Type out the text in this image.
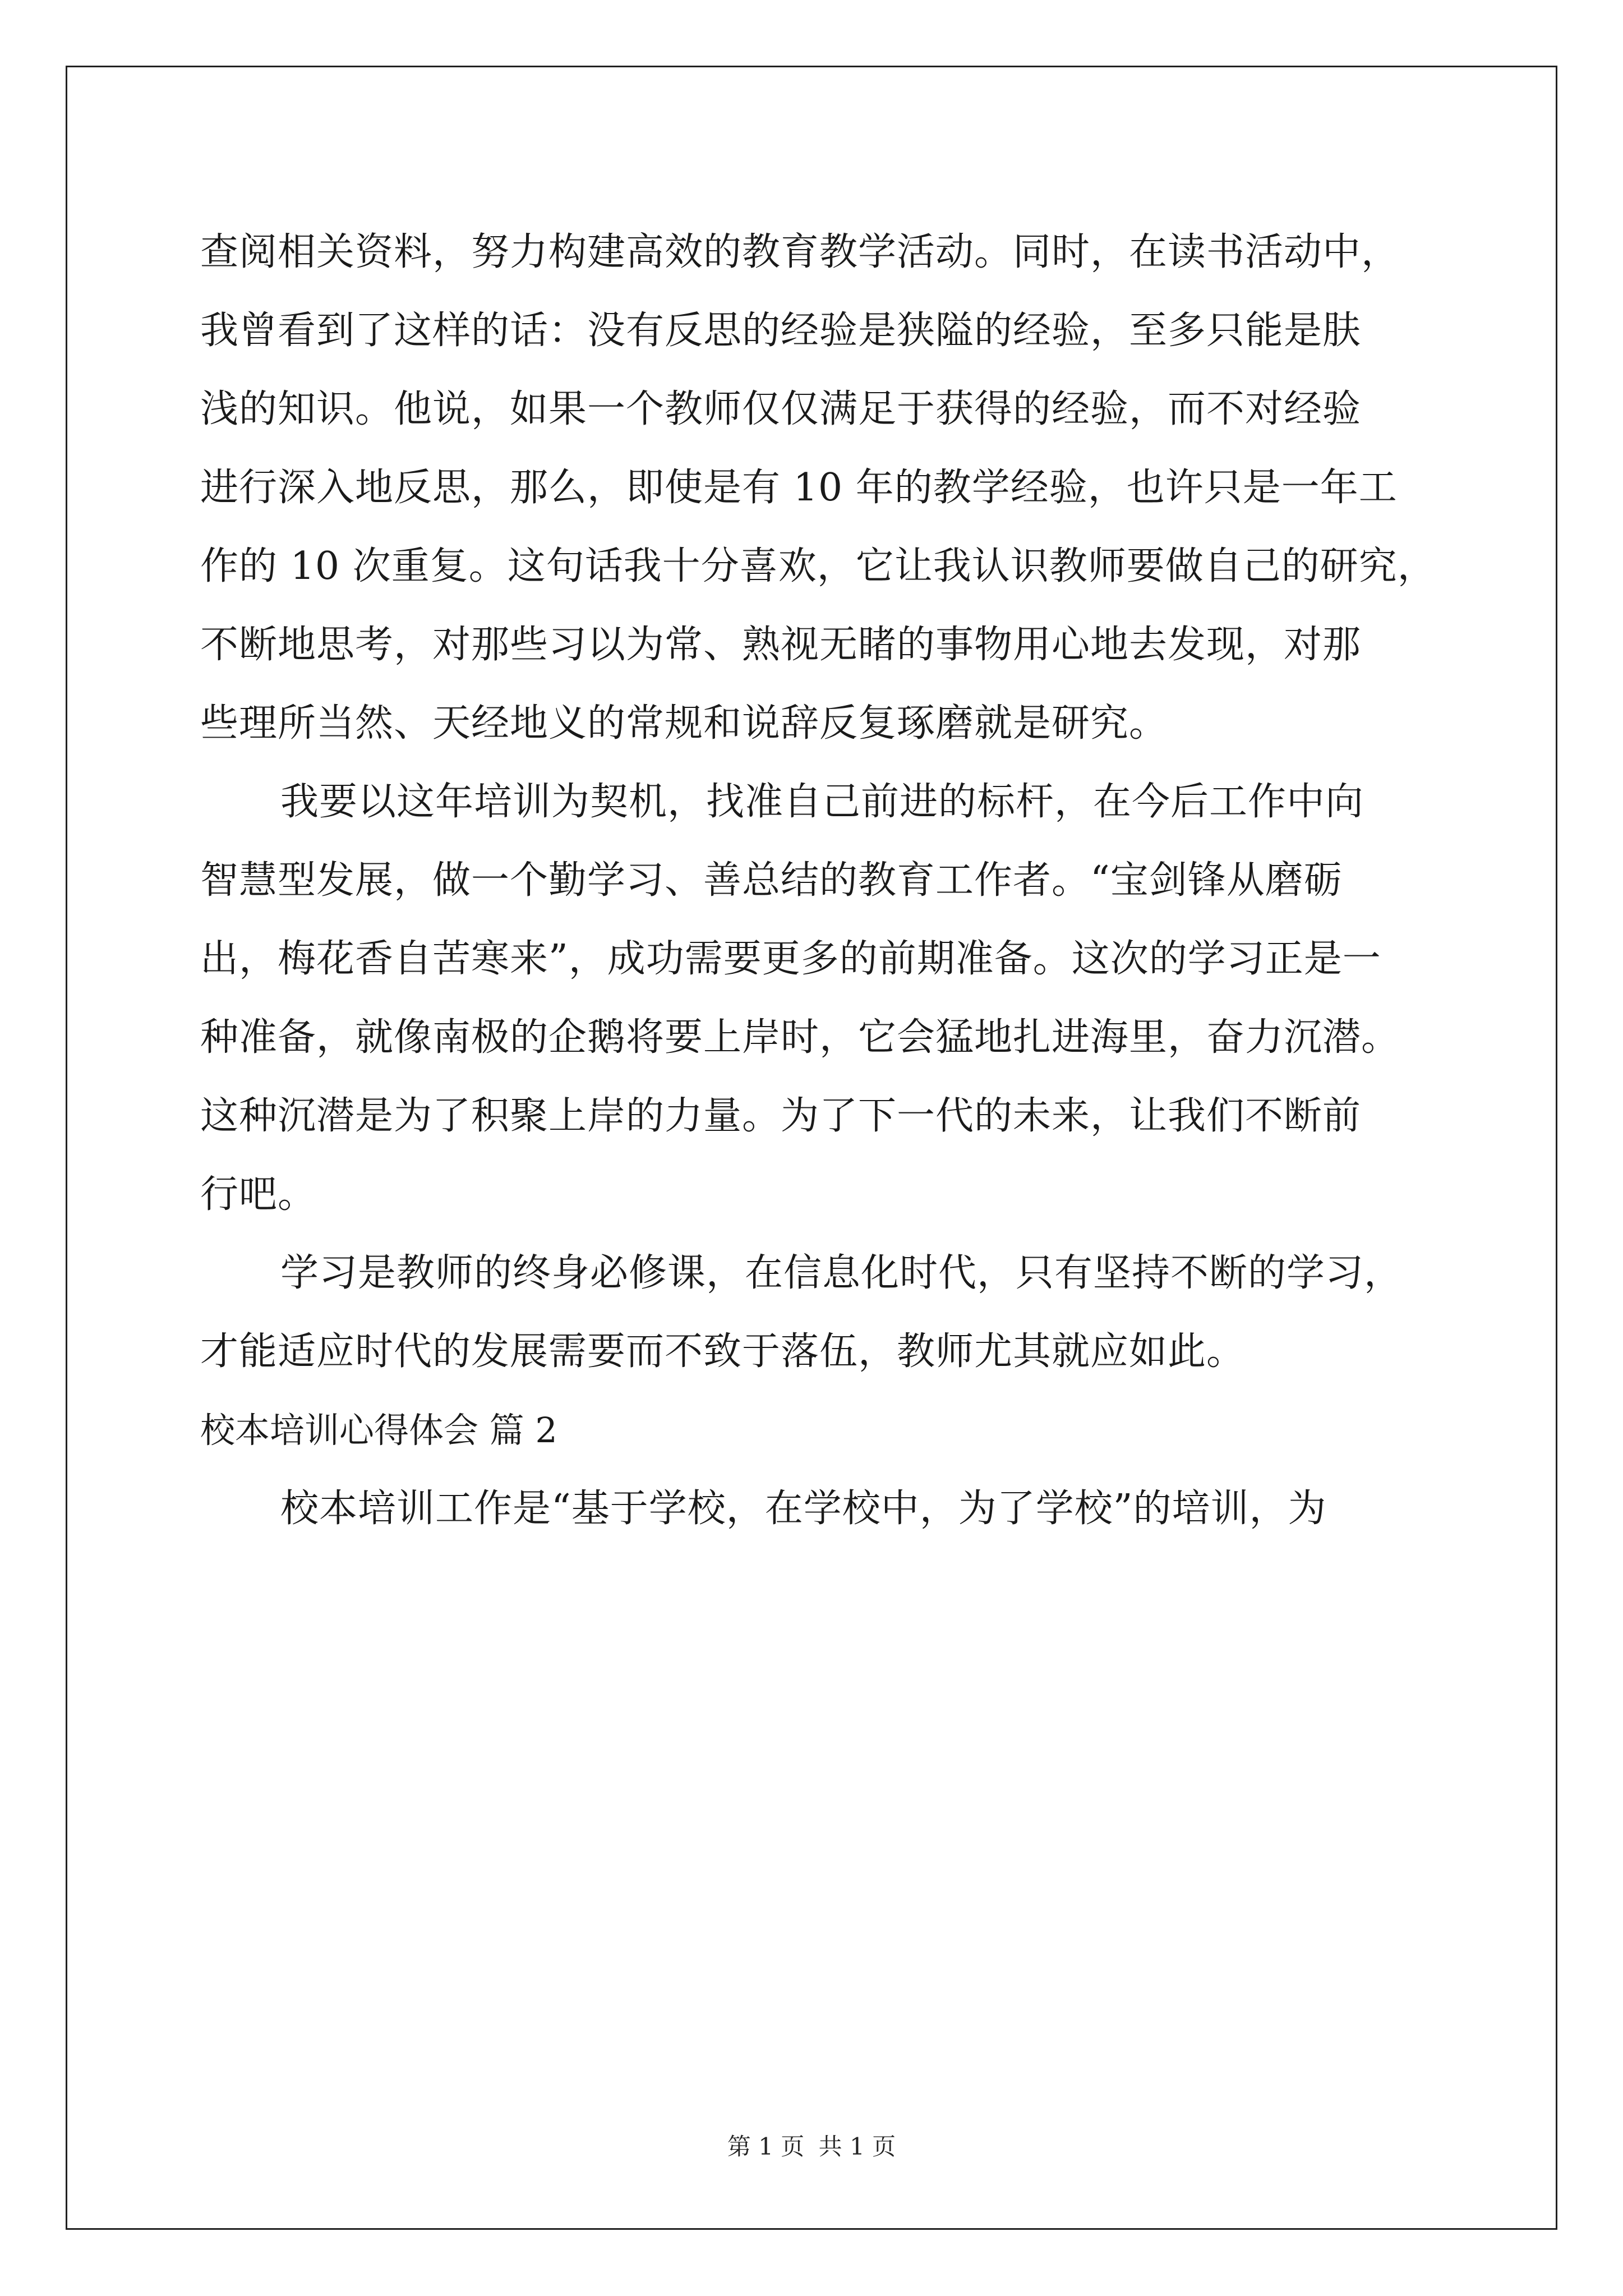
查阅相关资料，努力构建高效的教育教学活动。同时，在读书活动中，
我曾看到了这样的话：没有反思的经验是狭隘的经验，至多只能是肤
浅的知识。他说，如果一个教师仅仅满足于获得的经验，而不对经验
进行深入地反思，那么，即使是有 10 年的教学经验，也许只是一年工
作的 10 次重复。这句话我十分喜欢，它让我认识教师要做自己的研究，
不断地思考，对那些习以为常、熟视无睹的事物用心地去发现，对那
些理所当然、天经地义的常规和说辞反复琢磨就是研究。
我要以这年培训为契机，找准自己前进的标杆，在今后工作中向
智慧型发展，做一个勤学习、善总结的教育工作者。“宝剑锋从磨砺
出，梅花香自苦寒来”，成功需要更多的前期准备。这次的学习正是一
种准备，就像南极的企鹅将要上岸时，它会猛地扎进海里，奋力沉潜。
这种沉潜是为了积聚上岸的力量。为了下一代的未来，让我们不断前
行吧。
学习是教师的终身必修课，在信息化时代，只有坚持不断的学习，
才能适应时代的发展需要而不致于落伍，教师尤其就应如此。
校本培训心得体会 篇 2
校本培训工作是“基于学校，在学校中，为了学校”的培训，为
第 1 页 共 1 页
